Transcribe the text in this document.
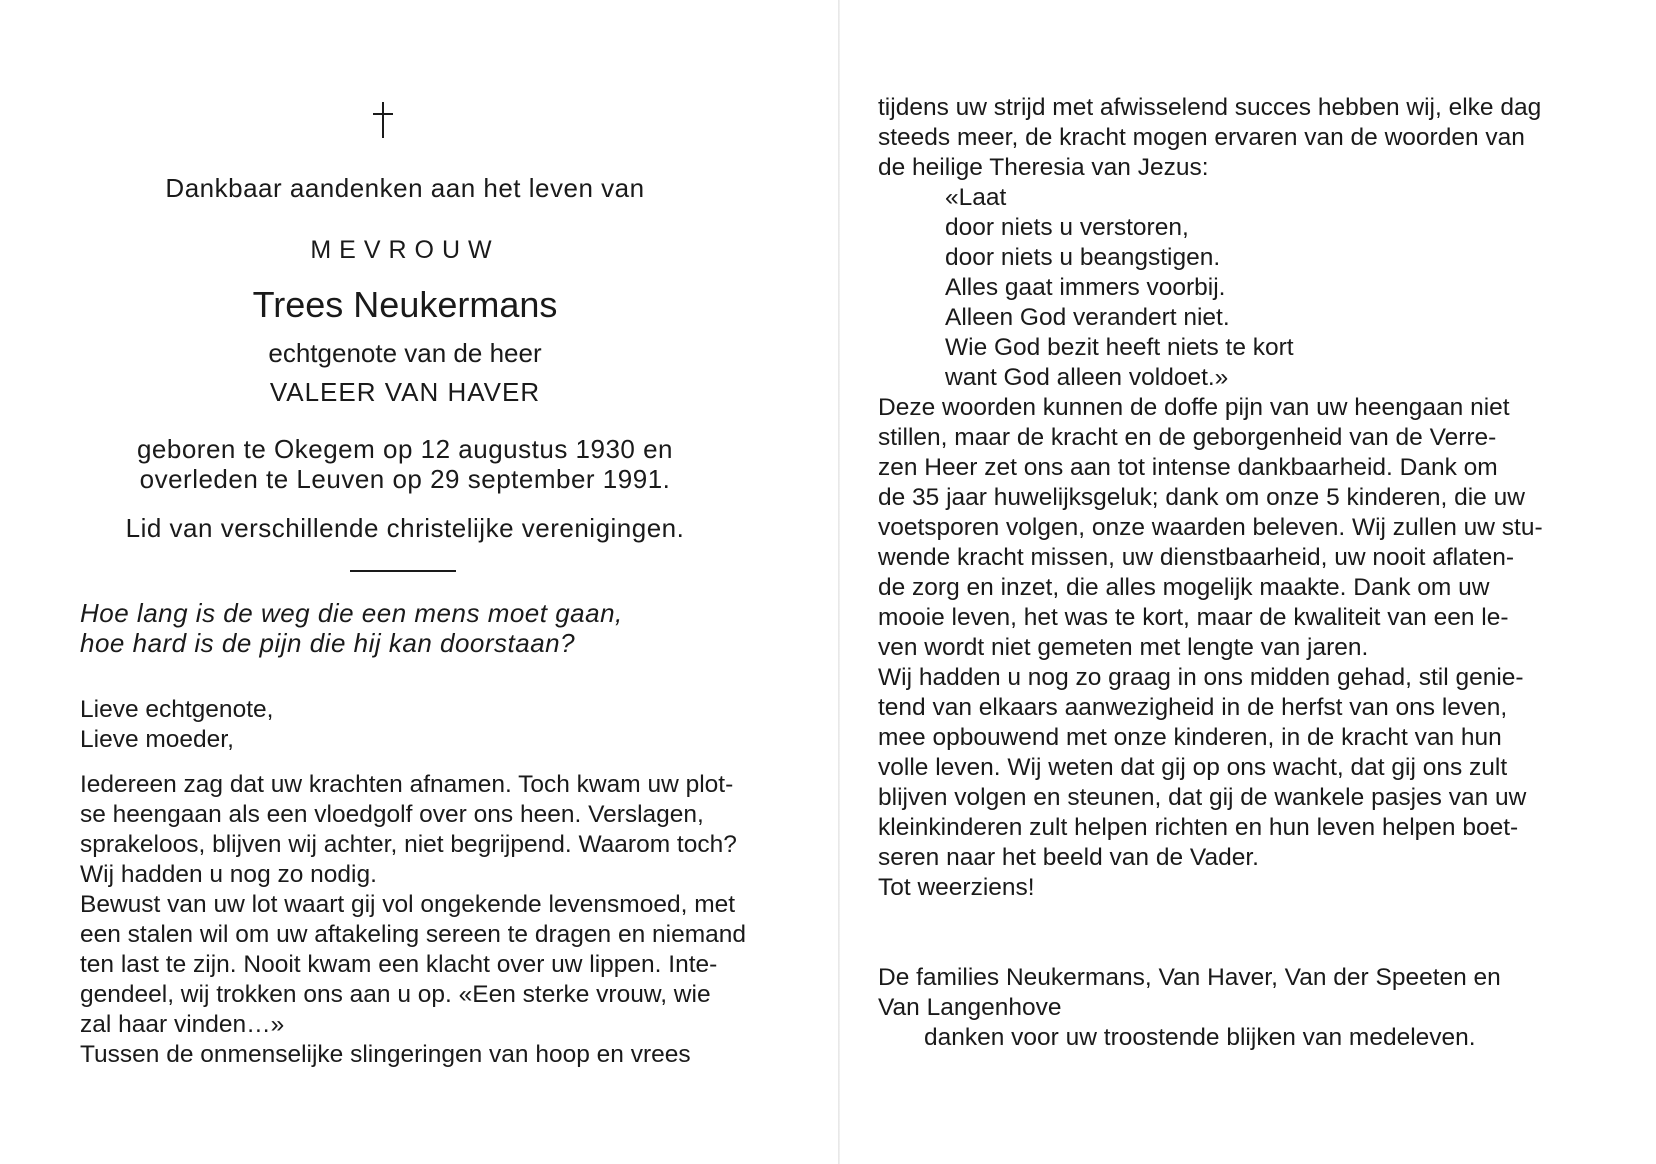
Dankbaar aandenken aan het leven van
MEVROUW
Trees Neukermans
echtgenote van de heer
VALEER VAN HAVER
geboren te Okegem op 12 augustus 1930 en
overleden te Leuven op 29 september 1991.
Lid van verschillende christelijke verenigingen.
Hoe lang is de weg die een mens moet gaan,
hoe hard is de pijn die hij kan doorstaan?
Lieve echtgenote,
Lieve moeder,
Iedereen zag dat uw krachten afnamen. Toch kwam uw plot-
se heengaan als een vloedgolf over ons heen. Verslagen,
sprakeloos, blijven wij achter, niet begrijpend. Waarom toch?
Wij hadden u nog zo nodig.
Bewust van uw lot waart gij vol ongekende levensmoed, met
een stalen wil om uw aftakeling sereen te dragen en niemand
ten last te zijn. Nooit kwam een klacht over uw lippen. Inte-
gendeel, wij trokken ons aan u op. «Een sterke vrouw, wie
zal haar vinden…»
Tussen de onmenselijke slingeringen van hoop en vrees
tijdens uw strijd met afwisselend succes hebben wij, elke dag
steeds meer, de kracht mogen ervaren van de woorden van
de heilige Theresia van Jezus:
«Laat
door niets u verstoren,
door niets u beangstigen.
Alles gaat immers voorbij.
Alleen God verandert niet.
Wie God bezit heeft niets te kort
want God alleen voldoet.»
Deze woorden kunnen de doffe pijn van uw heengaan niet
stillen, maar de kracht en de geborgenheid van de Verre-
zen Heer zet ons aan tot intense dankbaarheid. Dank om
de 35 jaar huwelijksgeluk; dank om onze 5 kinderen, die uw
voetsporen volgen, onze waarden beleven. Wij zullen uw stu-
wende kracht missen, uw dienstbaarheid, uw nooit aflaten-
de zorg en inzet, die alles mogelijk maakte. Dank om uw
mooie leven, het was te kort, maar de kwaliteit van een le-
ven wordt niet gemeten met lengte van jaren.
Wij hadden u nog zo graag in ons midden gehad, stil genie-
tend van elkaars aanwezigheid in de herfst van ons leven,
mee opbouwend met onze kinderen, in de kracht van hun
volle leven. Wij weten dat gij op ons wacht, dat gij ons zult
blijven volgen en steunen, dat gij de wankele pasjes van uw
kleinkinderen zult helpen richten en hun leven helpen boet-
seren naar het beeld van de Vader.
Tot weerziens!
De families Neukermans, Van Haver, Van der Speeten en
Van Langenhove
danken voor uw troostende blijken van medeleven.
